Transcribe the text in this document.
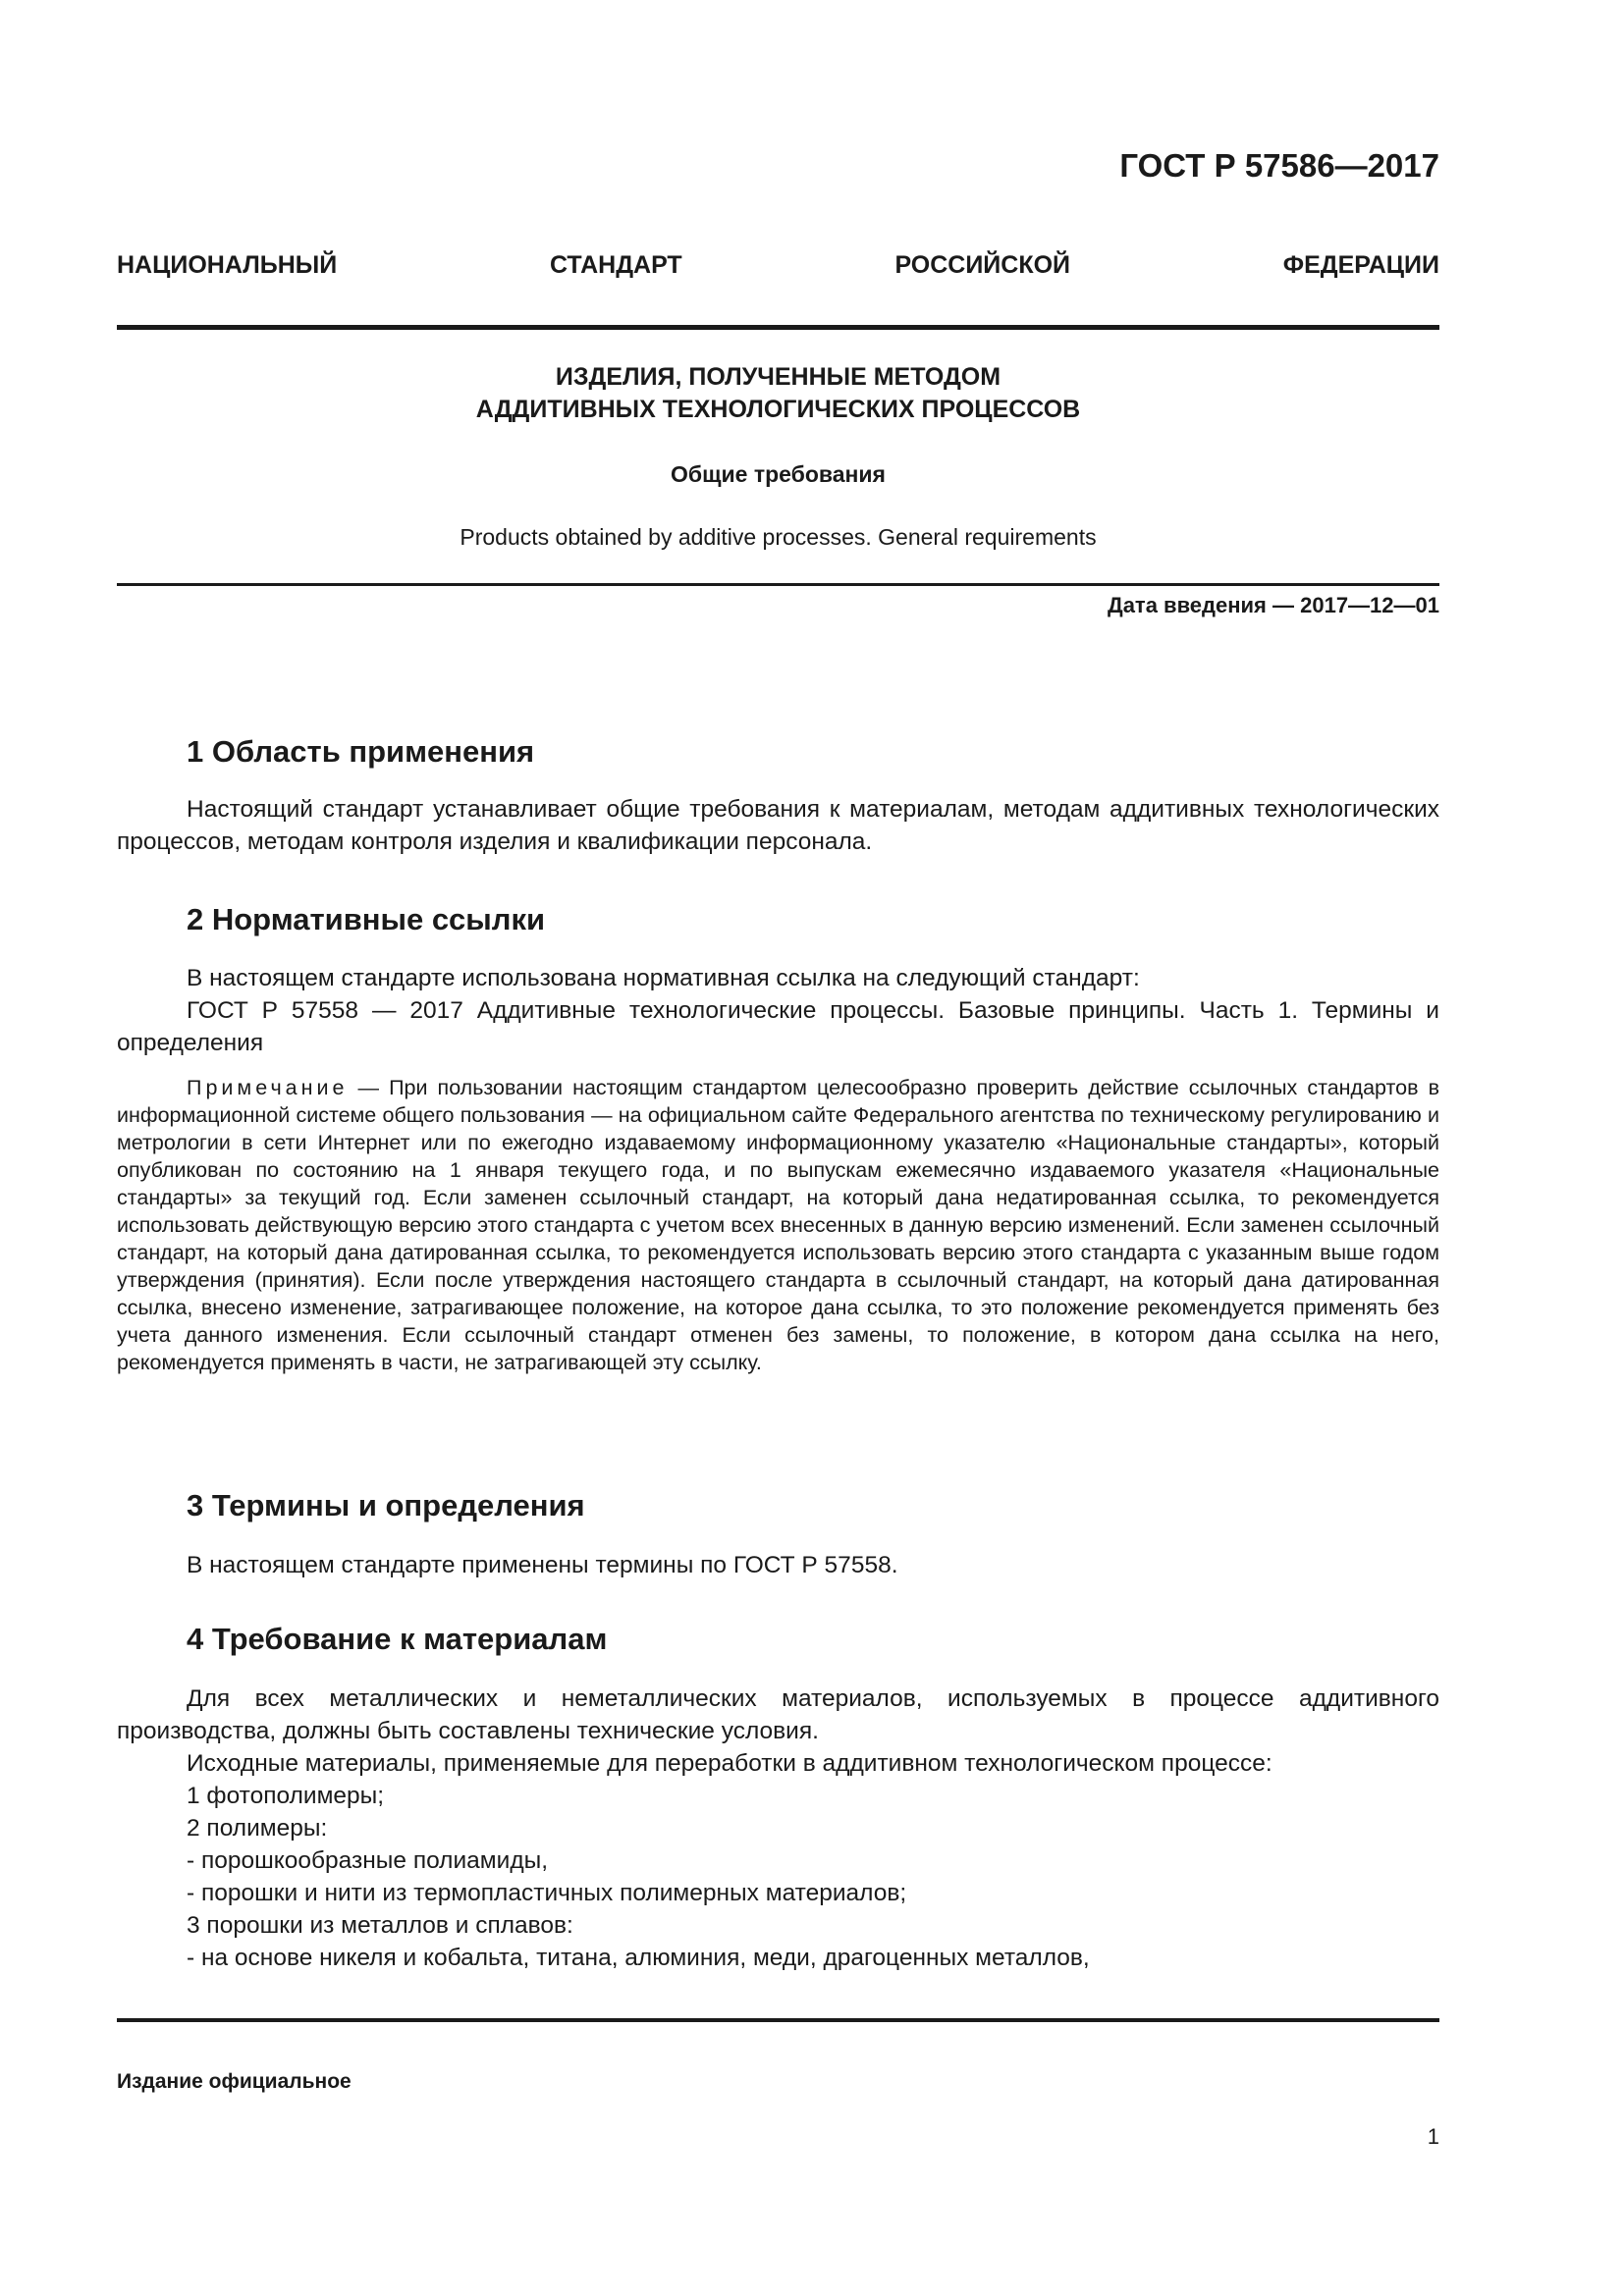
ГОСТ Р 57586—2017
НАЦИОНАЛЬНЫЙ СТАНДАРТ РОССИЙСКОЙ ФЕДЕРАЦИИ
ИЗДЕЛИЯ, ПОЛУЧЕННЫЕ МЕТОДОМ
АДДИТИВНЫХ ТЕХНОЛОГИЧЕСКИХ ПРОЦЕССОВ
Общие требования
Products obtained by additive processes. General requirements
Дата введения — 2017—12—01
1 Область применения
Настоящий стандарт устанавливает общие требования к материалам, методам аддитивных технологических процессов, методам контроля изделия и квалификации персонала.
2 Нормативные ссылки
В настоящем стандарте использована нормативная ссылка на следующий стандарт:
ГОСТ Р 57558 — 2017 Аддитивные технологические процессы. Базовые принципы. Часть 1. Термины и определения
Примечание — При пользовании настоящим стандартом целесообразно проверить действие ссылочных стандартов в информационной системе общего пользования — на официальном сайте Федерального агентства по техническому регулированию и метрологии в сети Интернет или по ежегодно издаваемому информационному указателю «Национальные стандарты», который опубликован по состоянию на 1 января текущего года, и по выпускам ежемесячно издаваемого указателя «Национальные стандарты» за текущий год. Если заменен ссылочный стандарт, на который дана недатированная ссылка, то рекомендуется использовать действующую версию этого стандарта с учетом всех внесенных в данную версию изменений. Если заменен ссылочный стандарт, на который дана датированная ссылка, то рекомендуется использовать версию этого стандарта с указанным выше годом утверждения (принятия). Если после утверждения настоящего стандарта в ссылочный стандарт, на который дана датированная ссылка, внесено изменение, затрагивающее положение, на которое дана ссылка, то это положение рекомендуется применять без учета данного изменения. Если ссылочный стандарт отменен без замены, то положение, в котором дана ссылка на него, рекомендуется применять в части, не затрагивающей эту ссылку.
3 Термины и определения
В настоящем стандарте применены термины по ГОСТ Р 57558.
4 Требование к материалам
Для всех металлических и неметаллических материалов, используемых в процессе аддитивного производства, должны быть составлены технические условия.
Исходные материалы, применяемые для переработки в аддитивном технологическом процессе:
1 фотополимеры;
2 полимеры:
- порошкообразные полиамиды,
- порошки и нити из термопластичных полимерных материалов;
3 порошки из металлов и сплавов:
- на основе никеля и кобальта, титана, алюминия, меди, драгоценных металлов,
Издание официальное
1
